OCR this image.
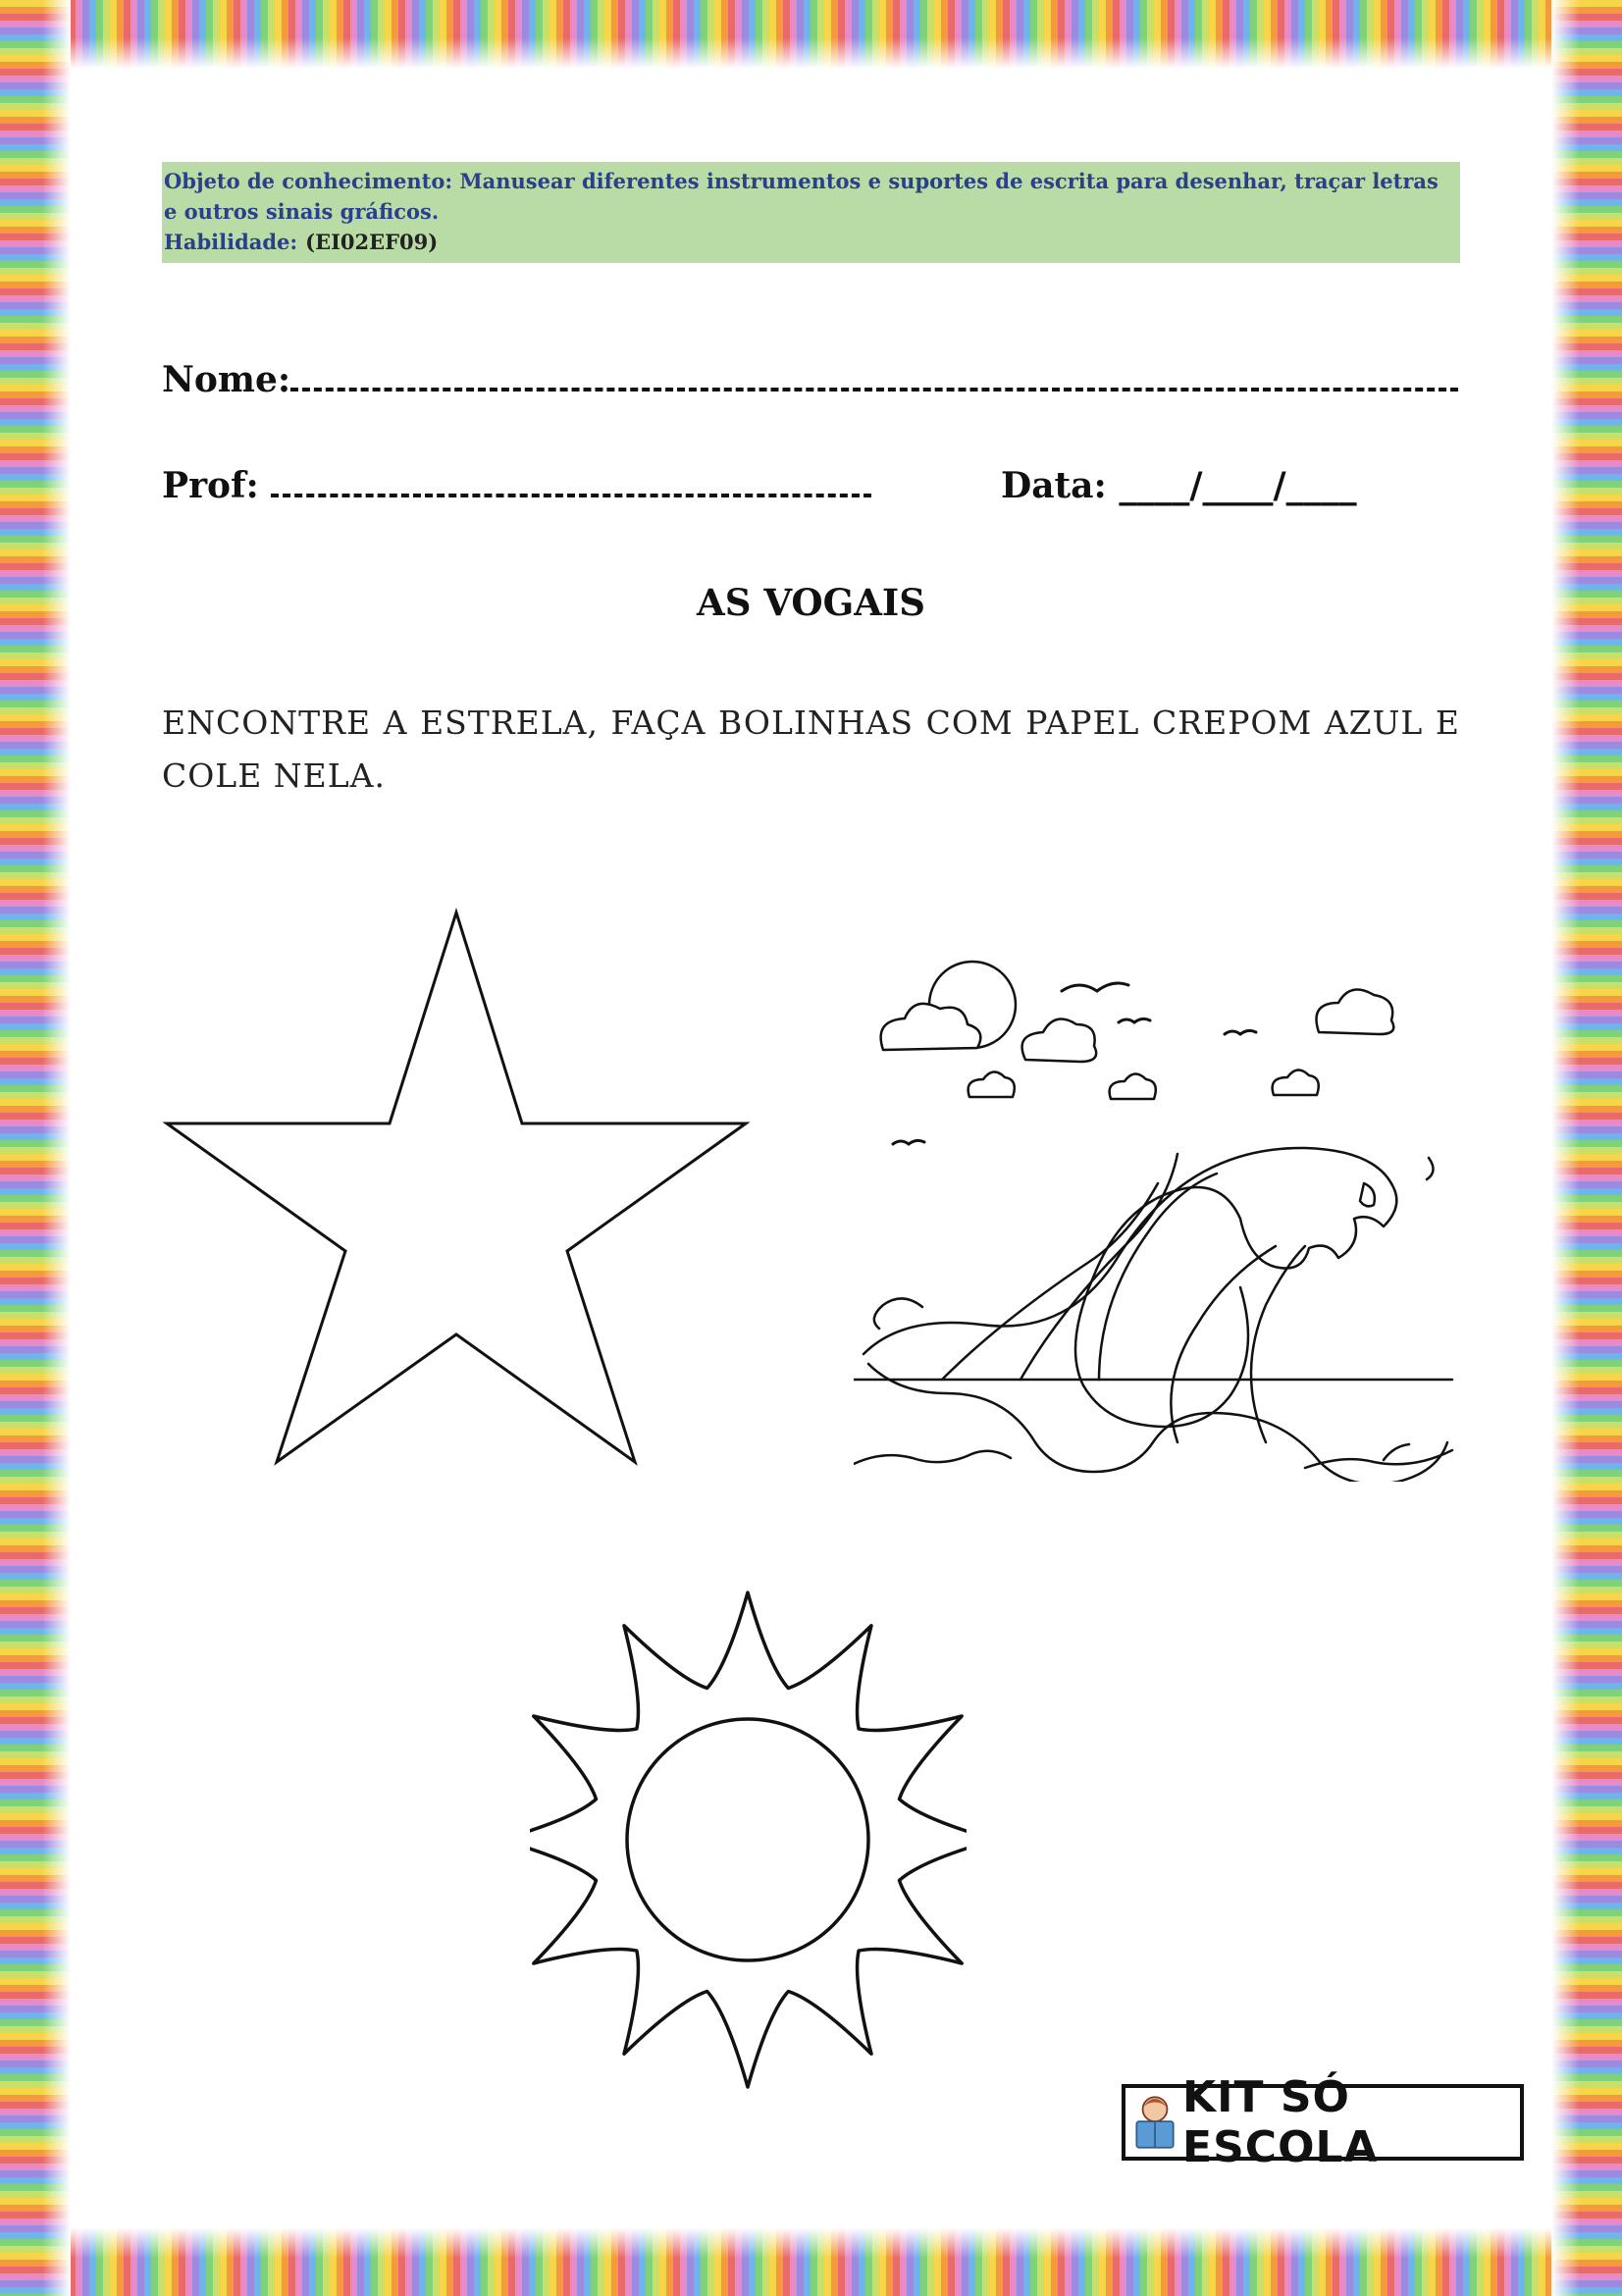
Objeto de conhecimento: Manusear diferentes instrumentos e suportes de escrita para desenhar, traçar letras e outros sinais gráficos.
Habilidade: (EI02EF09)
Nome:
Prof:	Data: ____/____/____
AS VOGAIS
ENCONTRE A ESTRELA, FAÇA BOLINHAS COM PAPEL CREPOM AZUL E COLE NELA.
KIT SÓ ESCOLA
